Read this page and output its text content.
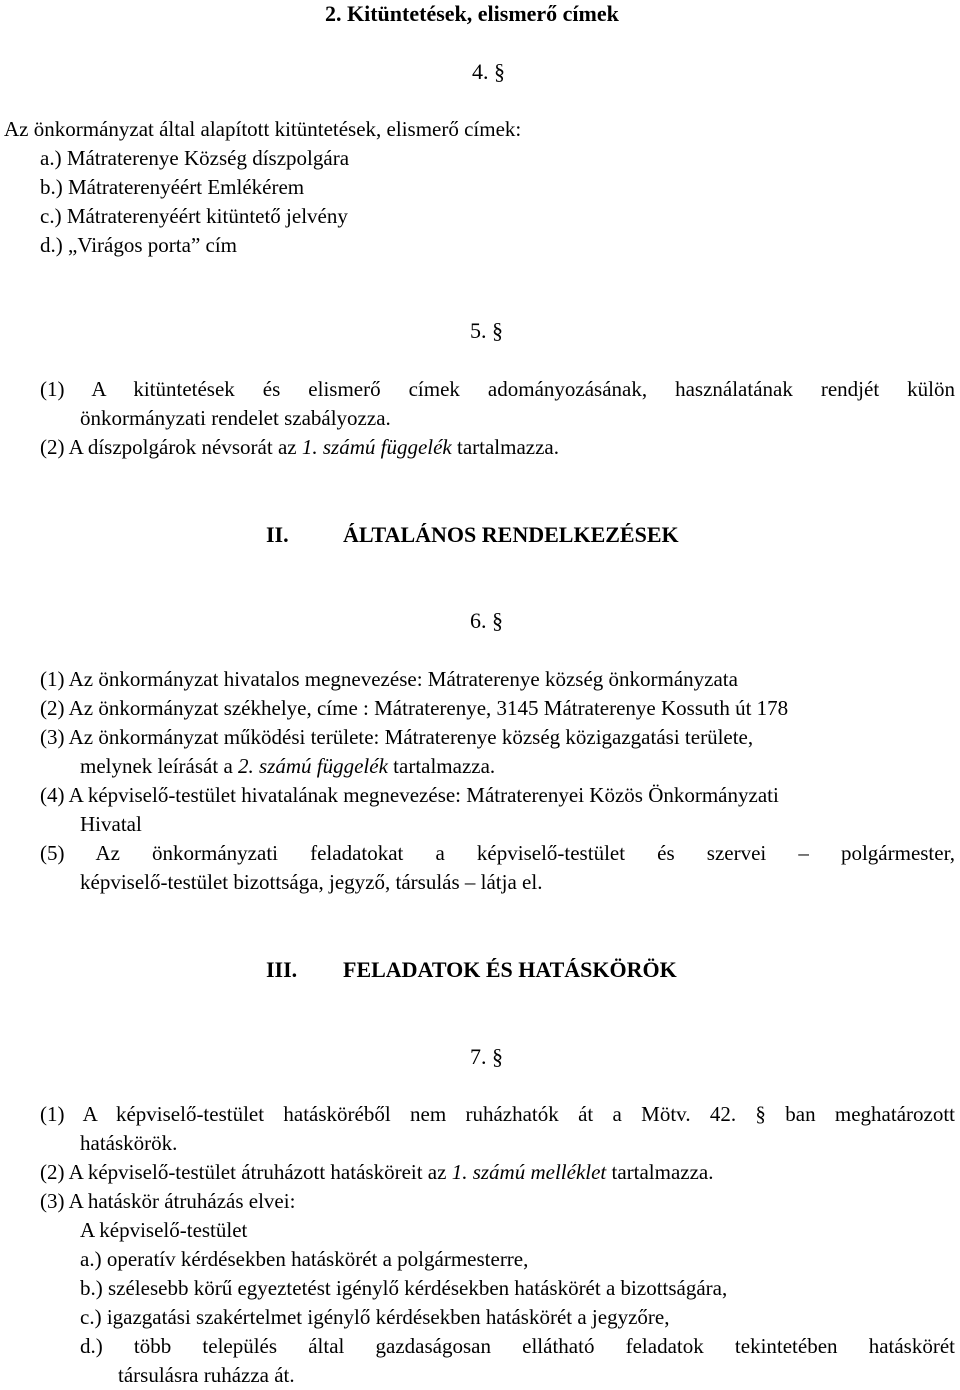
2. Kitüntetések, elismerő címek
4. §
Az önkormányzat által alapított kitüntetések, elismerő címek:
a.) Mátraterenye Község díszpolgára
b.) Mátraterenyéért Emlékérem
c.) Mátraterenyéért kitüntető jelvény
d.) „Virágos porta” cím
5. §
(1) A kitüntetések és elismerő címek adományozásának, használatának rendjét külön
önkormányzati rendelet szabályozza.
(2) A díszpolgárok névsorát az 1. számú függelék tartalmazza.
II. ÁLTALÁNOS RENDELKEZÉSEK
6. §
(1) Az önkormányzat hivatalos megnevezése: Mátraterenye község önkormányzata
(2) Az önkormányzat székhelye, címe : Mátraterenye, 3145 Mátraterenye Kossuth út 178
(3) Az önkormányzat működési területe: Mátraterenye község közigazgatási területe,
melynek leírását a 2. számú függelék tartalmazza.
(4) A képviselő-testület hivatalának megnevezése: Mátraterenyei Közös Önkormányzati
Hivatal
(5) Az önkormányzati feladatokat a képviselő-testület és szervei – polgármester,
képviselő-testület bizottsága, jegyző, társulás – látja el.
III. FELADATOK ÉS HATÁSKÖRÖK
7. §
(1) A képviselő-testület hatásköréből nem ruházhatók át a Mötv. 42. § ban meghatározott
hatáskörök.
(2) A képviselő-testület átruházott hatásköreit az 1. számú melléklet tartalmazza.
(3) A hatáskör átruházás elvei:
A képviselő-testület
a.) operatív kérdésekben hatáskörét a polgármesterre,
b.) szélesebb körű egyeztetést igénylő kérdésekben hatáskörét a bizottságára,
c.) igazgatási szakértelmet igénylő kérdésekben hatáskörét a jegyzőre,
d.) több település által gazdaságosan ellátható feladatok tekintetében hatáskörét
társulásra ruházza át.
